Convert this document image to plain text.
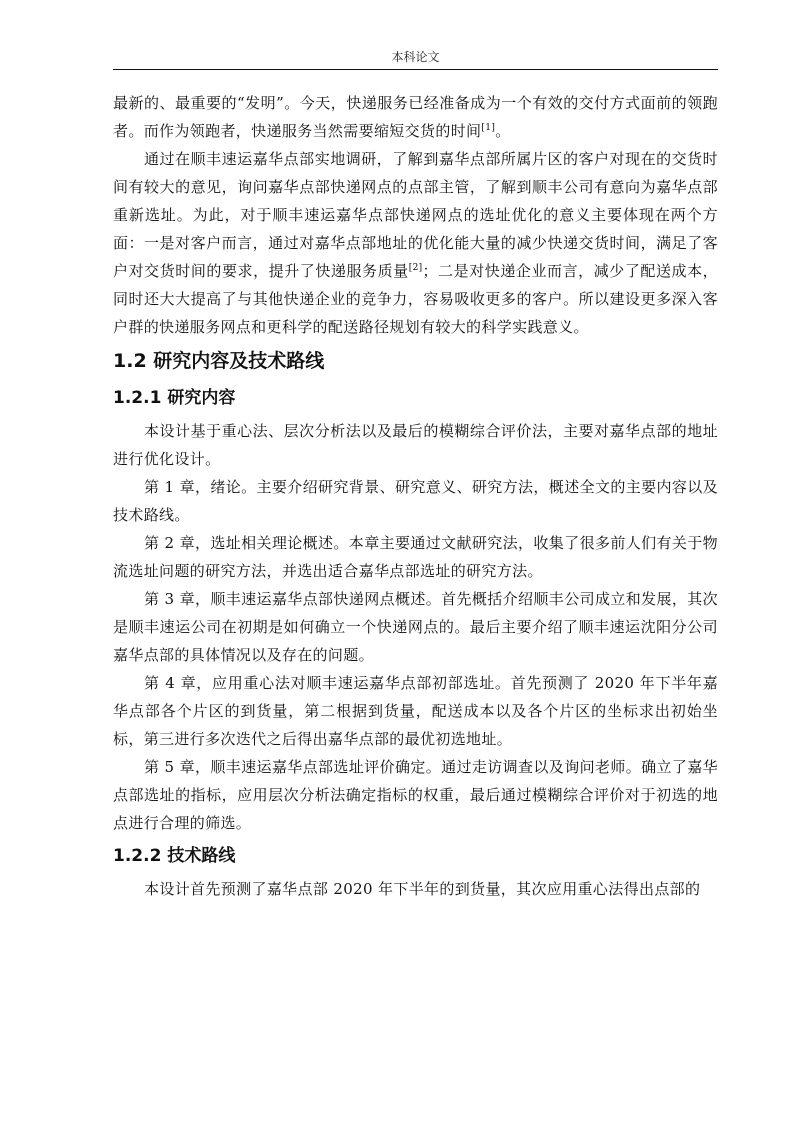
本科论文

最新的、最重要的“发明”。今天，快递服务已经准备成为一个有效的交付方式面前的领跑者。而作为领跑者，快递服务当然需要缩短交货的时间[1]。

通过在顺丰速运嘉华点部实地调研，了解到嘉华点部所属片区的客户对现在的交货时间有较大的意见，询问嘉华点部快递网点的点部主管，了解到顺丰公司有意向为嘉华点部重新选址。为此，对于顺丰速运嘉华点部快递网点的选址优化的意义主要体现在两个方面：一是对客户而言，通过对嘉华点部地址的优化能大量的减少快递交货时间，满足了客户对交货时间的要求，提升了快递服务质量[2]；二是对快递企业而言，减少了配送成本，同时还大大提高了与其他快递企业的竞争力，容易吸收更多的客户。所以建设更多深入客户群的快递服务网点和更科学的配送路径规划有较大的科学实践意义。

1.2 研究内容及技术路线
1.2.1 研究内容

本设计基于重心法、层次分析法以及最后的模糊综合评价法，主要对嘉华点部的地址进行优化设计。

第 1 章，绪论。主要介绍研究背景、研究意义、研究方法，概述全文的主要内容以及技术路线。

第 2 章，选址相关理论概述。本章主要通过文献研究法，收集了很多前人们有关于物流选址问题的研究方法，并选出适合嘉华点部选址的研究方法。

第 3 章，顺丰速运嘉华点部快递网点概述。首先概括介绍顺丰公司成立和发展，其次是顺丰速运公司在初期是如何确立一个快递网点的。最后主要介绍了顺丰速运沈阳分公司嘉华点部的具体情况以及存在的问题。

第 4 章，应用重心法对顺丰速运嘉华点部初部选址。首先预测了 2020 年下半年嘉华点部各个片区的到货量，第二根据到货量，配送成本以及各个片区的坐标求出初始坐标，第三进行多次迭代之后得出嘉华点部的最优初选地址。

第 5 章，顺丰速运嘉华点部选址评价确定。通过走访调查以及询问老师。确立了嘉华点部选址的指标，应用层次分析法确定指标的权重，最后通过模糊综合评价对于初选的地点进行合理的筛选。

1.2.2 技术路线

本设计首先预测了嘉华点部 2020 年下半年的到货量，其次应用重心法得出点部的
